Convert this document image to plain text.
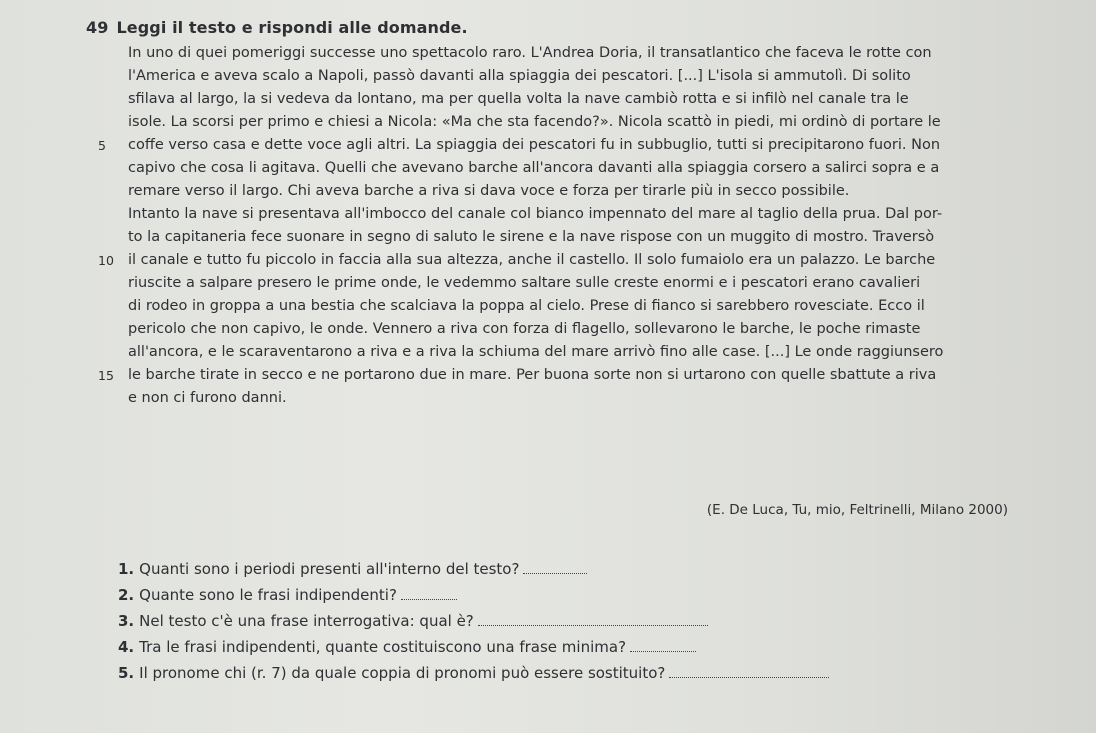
49 Leggi il testo e rispondi alle domande.
In uno di quei pomeriggi successe uno spettacolo raro. L'Andrea Doria, il transatlantico che faceva le rotte con
l'America e aveva scalo a Napoli, passò davanti alla spiaggia dei pescatori. [...] L'isola si ammutolì. Di solito
sfilava al largo, la si vedeva da lontano, ma per quella volta la nave cambiò rotta e si infilò nel canale tra le
isole. La scorsi per primo e chiesi a Nicola: «Ma che sta facendo?». Nicola scattò in piedi, mi ordinò di portare le
5	coffe verso casa e dette voce agli altri. La spiaggia dei pescatori fu in subbuglio, tutti si precipitarono fuori. Non
capivo che cosa li agitava. Quelli che avevano barche all'ancora davanti alla spiaggia corsero a salirci sopra e a
remare verso il largo. Chi aveva barche a riva si dava voce e forza per tirarle più in secco possibile.
Intanto la nave si presentava all'imbocco del canale col bianco impennato del mare al taglio della prua. Dal por-
to la capitaneria fece suonare in segno di saluto le sirene e la nave rispose con un muggito di mostro. Traversò
10 il canale e tutto fu piccolo in faccia alla sua altezza, anche il castello. Il solo fumaiolo era un palazzo. Le barche
riuscite a salpare presero le prime onde, le vedemmo saltare sulle creste enormi e i pescatori erano cavalieri
di rodeo in groppa a una bestia che scalciava la poppa al cielo. Prese di fianco si sarebbero rovesciate. Ecco il
pericolo che non capivo, le onde. Vennero a riva con forza di flagello, sollevarono le barche, le poche rimaste
all'ancora, e le scaraventarono a riva e a riva la schiuma del mare arrivò fino alle case. [...] Le onde raggiunsero
15 le barche tirate in secco e ne portarono due in mare. Per buona sorte non si urtarono con quelle sbattute a riva
e non ci furono danni.
(E. De Luca, Tu, mio, Feltrinelli, Milano 2000)
1. Quanti sono i periodi presenti all'interno del testo?
2. Quante sono le frasi indipendenti?
3. Nel testo c'è una frase interrogativa: qual è?
4. Tra le frasi indipendenti, quante costituiscono una frase minima?
5. Il pronome chi (r. 7) da quale coppia di pronomi può essere sostituito?
